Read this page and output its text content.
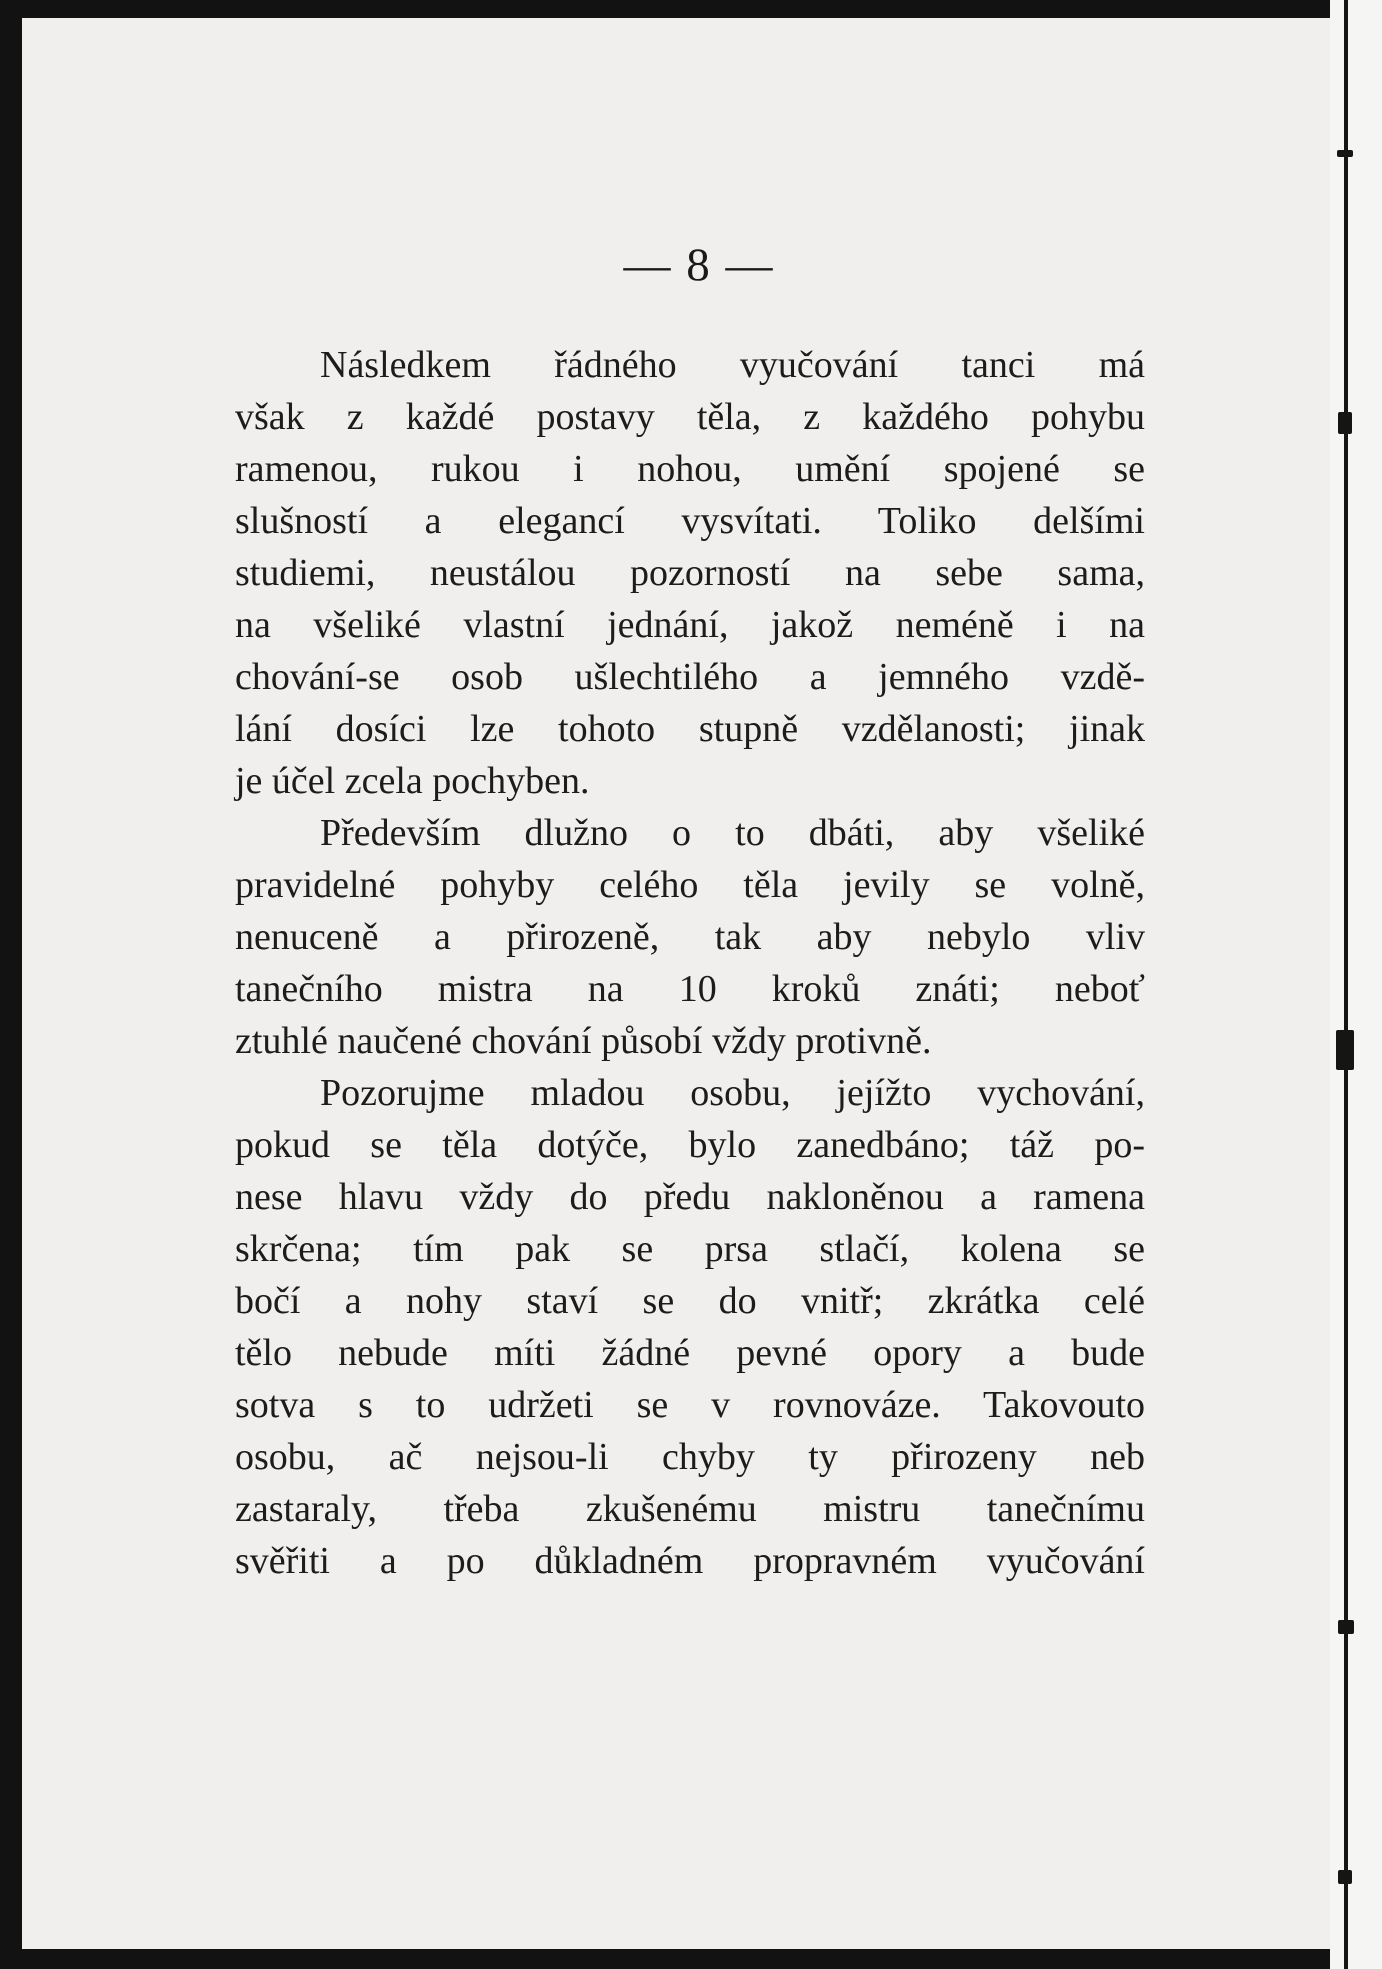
— 8 —
Následkem řádného vyučování tanci má
však z každé postavy těla, z každého pohybu
ramenou, rukou i nohou, umění spojené se
slušností a elegancí vysvítati. Toliko delšími
studiemi, neustálou pozorností na sebe sama,
na všeliké vlastní jednání, jakož neméně i na
chování-se osob ušlechtilého a jemného vzdě-
lání dosíci lze tohoto stupně vzdělanosti; jinak
je účel zcela pochyben.
Především dlužno o to dbáti, aby všeliké
pravidelné pohyby celého těla jevily se volně,
nenuceně a přirozeně, tak aby nebylo vliv
tanečního mistra na 10 kroků znáti; neboť
ztuhlé naučené chování působí vždy protivně.
Pozorujme mladou osobu, jejížto vychování,
pokud se těla dotýče, bylo zanedbáno; táž po-
nese hlavu vždy do předu nakloněnou a ramena
skrčena; tím pak se prsa stlačí, kolena se
bočí a nohy staví se do vnitř; zkrátka celé
tělo nebude míti žádné pevné opory a bude
sotva s to udržeti se v rovnováze. Takovouto
osobu, ač nejsou-li chyby ty přirozeny neb
zastaraly, třeba zkušenému mistru tanečnímu
svěřiti a po důkladném propravném vyučování
